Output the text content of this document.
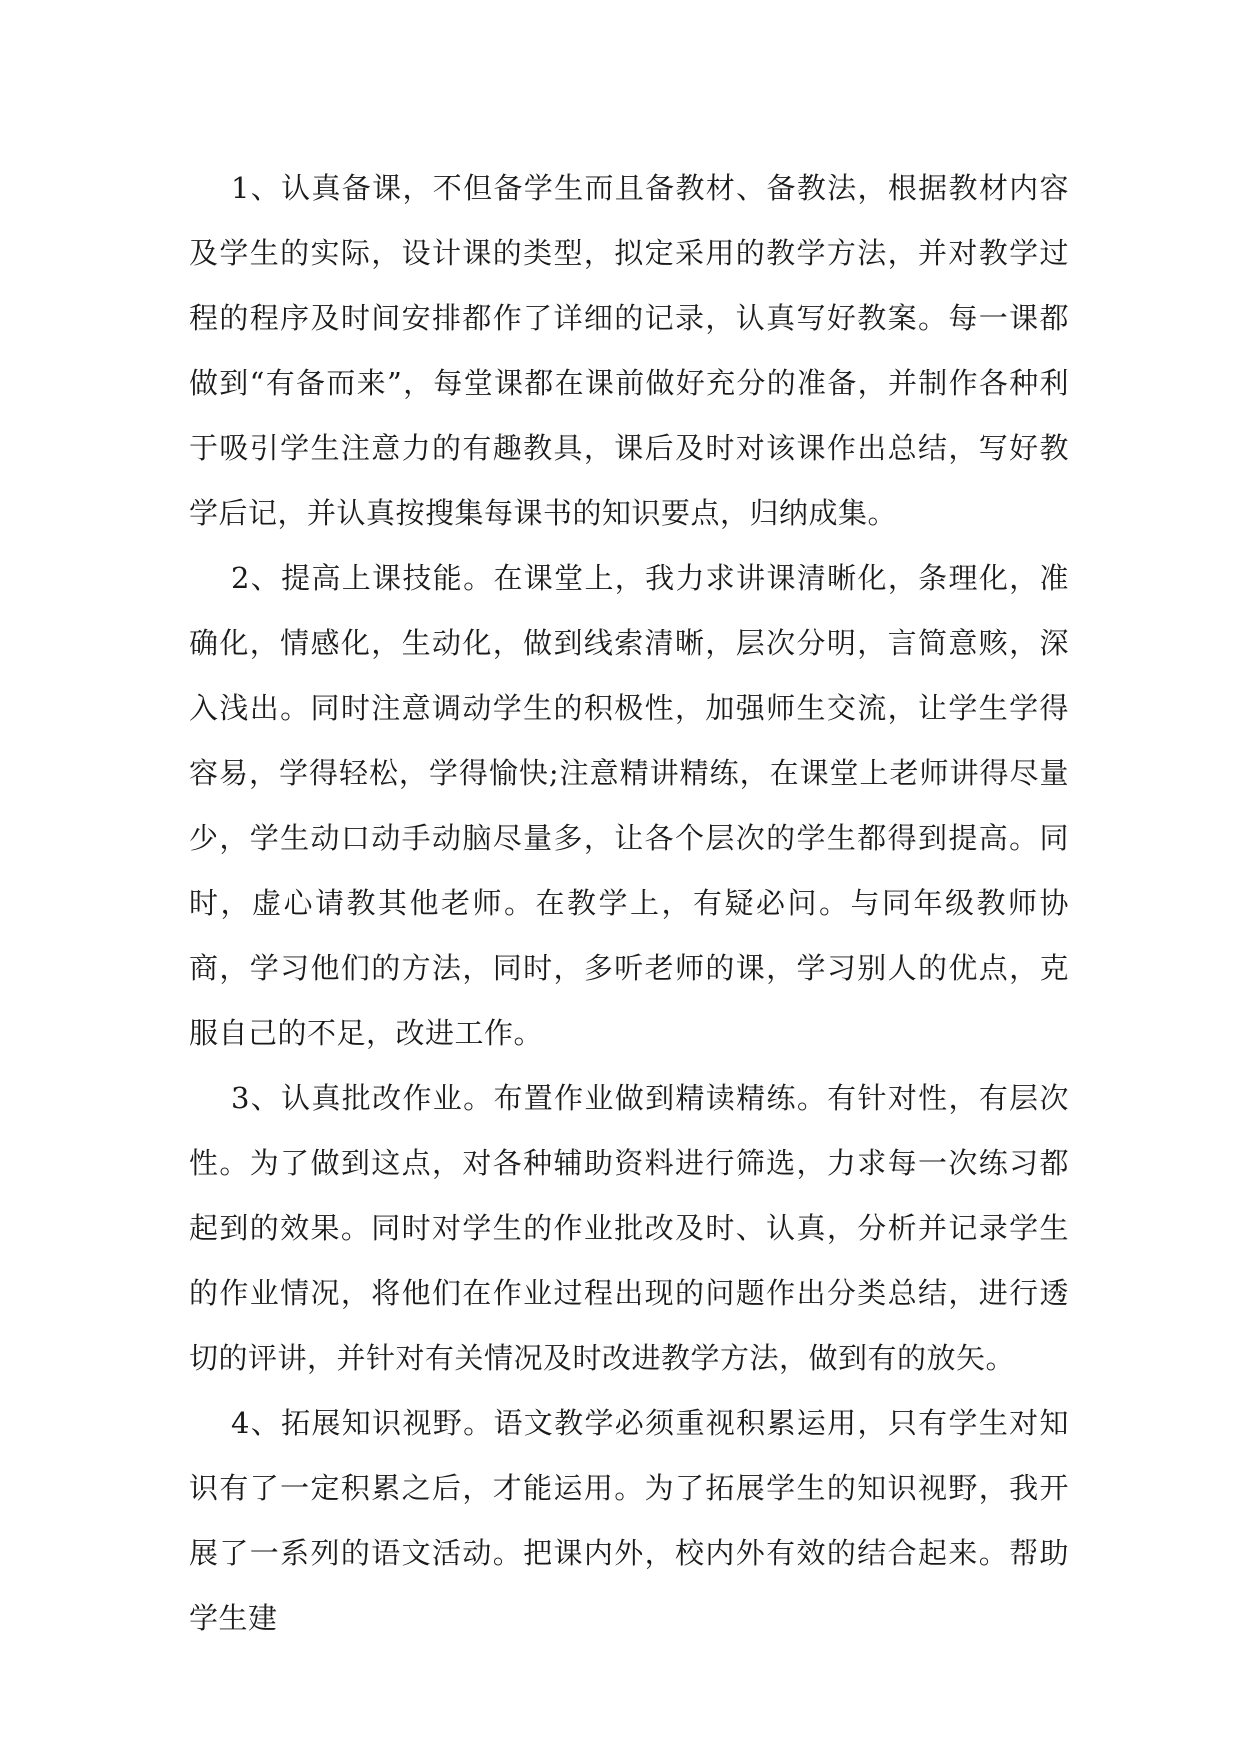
1、认真备课，不但备学生而且备教材、备教法，根据教材内容及学生的实际，设计课的类型，拟定采用的教学方法，并对教学过程的程序及时间安排都作了详细的记录，认真写好教案。每一课都做到“有备而来”，每堂课都在课前做好充分的准备，并制作各种利于吸引学生注意力的有趣教具，课后及时对该课作出总结，写好教学后记，并认真按搜集每课书的知识要点，归纳成集。

2、提高上课技能。在课堂上，我力求讲课清晰化，条理化，准确化，情感化，生动化，做到线索清晰，层次分明，言简意赅，深入浅出。同时注意调动学生的积极性，加强师生交流，让学生学得容易，学得轻松，学得愉快;注意精讲精练，在课堂上老师讲得尽量少，学生动口动手动脑尽量多，让各个层次的学生都得到提高。同时，虚心请教其他老师。在教学上，有疑必问。与同年级教师协商，学习他们的方法，同时，多听老师的课，学习别人的优点，克服自己的不足，改进工作。

3、认真批改作业。布置作业做到精读精练。有针对性，有层次性。为了做到这点，对各种辅助资料进行筛选，力求每一次练习都起到的效果。同时对学生的作业批改及时、认真，分析并记录学生的作业情况，将他们在作业过程出现的问题作出分类总结，进行透切的评讲，并针对有关情况及时改进教学方法，做到有的放矢。

4、拓展知识视野。语文教学必须重视积累运用，只有学生对知识有了一定积累之后，才能运用。为了拓展学生的知识视野，我开展了一系列的语文活动。把课内外，校内外有效的结合起来。帮助学生建
